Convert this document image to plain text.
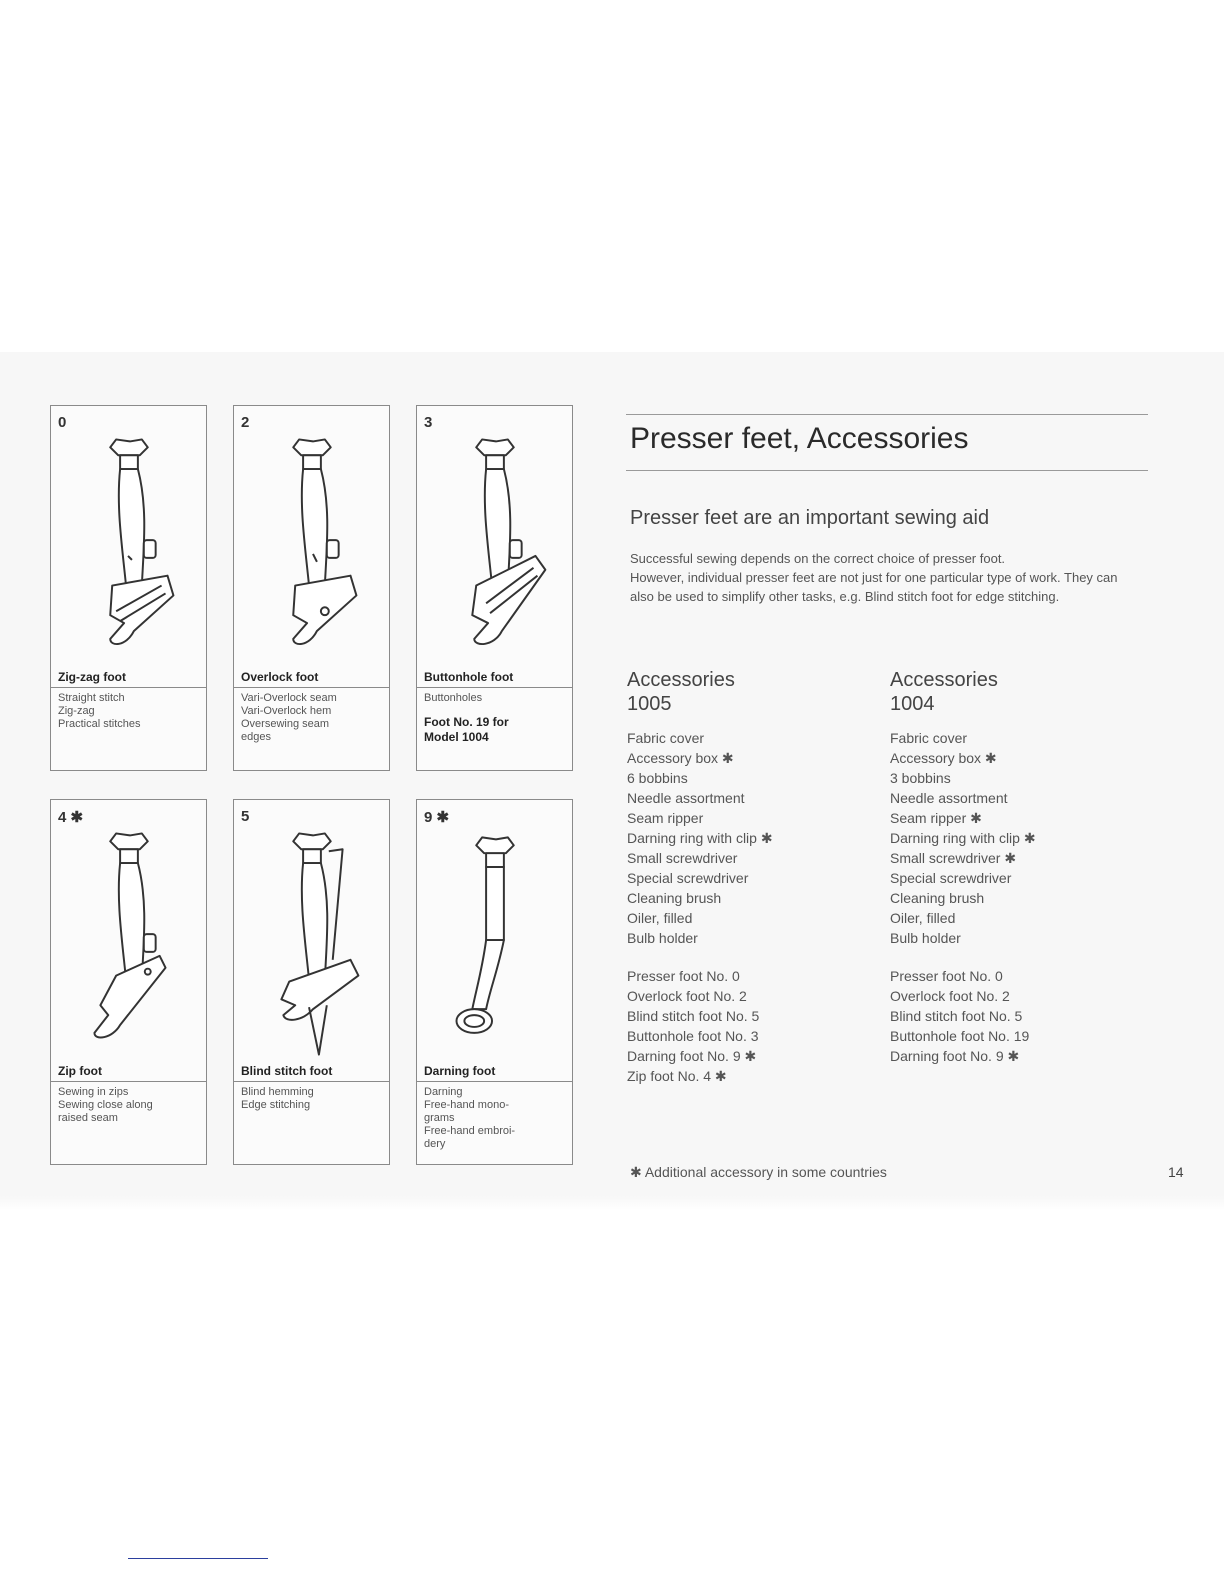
0
Zig-zag foot
Straight stitch
Zig-zag
Practical stitches
2
Overlock foot
Vari-Overlock seam
Vari-Overlock hem
Oversewing seam
edges
3
Buttonhole foot
Buttonholes
Foot No. 19 for
Model 1004
4 ✱
Zip foot
Sewing in zips
Sewing close along
raised seam
5
Blind stitch foot
Blind hemming
Edge stitching
9 ✱
Darning foot
Darning
Free-hand mono-
grams
Free-hand embroi-
dery
Presser feet, Accessories
Presser feet are an important sewing aid

Successful sewing depends on the correct choice of presser foot.

However, individual presser feet are not just for one particular type of work. They can also be used to simplify other tasks, e.g. Blind stitch foot for edge stitching.

Accessories
1005
Fabric cover
Accessory box ✱
6 bobbins
Needle assortment
Seam ripper
Darning ring with clip ✱
Small screwdriver
Special screwdriver
Cleaning brush
Oiler, filled
Bulb holder
Presser foot No. 0
Overlock foot No. 2
Blind stitch foot No. 5
Buttonhole foot No. 3
Darning foot No. 9 ✱
Zip foot No. 4 ✱
Accessories
1004
Fabric cover
Accessory box ✱
3 bobbins
Needle assortment
Seam ripper ✱
Darning ring with clip ✱
Small screwdriver ✱
Special screwdriver
Cleaning brush
Oiler, filled
Bulb holder
Presser foot No. 0
Overlock foot No. 2
Blind stitch foot No. 5
Buttonhole foot No. 19
Darning foot No. 9 ✱
✱ Additional accessory in some countries	14
